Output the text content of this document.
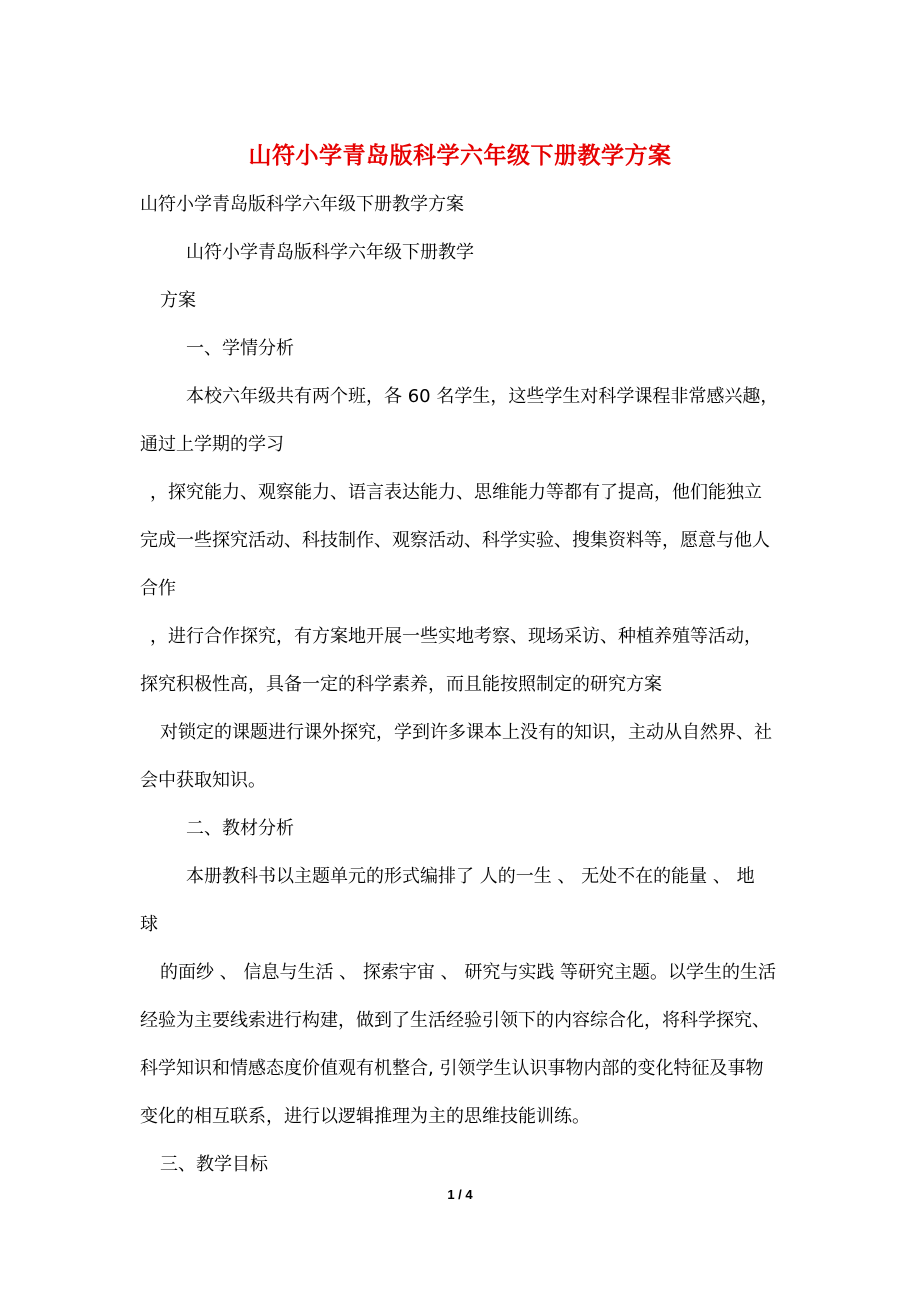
山符小学青岛版科学六年级下册教学方案
山符小学青岛版科学六年级下册教学方案
山符小学青岛版科学六年级下册教学
方案
一、学情分析
本校六年级共有两个班，各 60 名学生，这些学生对科学课程非常感兴趣，
通过上学期的学习
，探究能力、观察能力、语言表达能力、思维能力等都有了提高，他们能独立
完成一些探究活动、科技制作、观察活动、科学实验、搜集资料等，愿意与他人
合作
，进行合作探究，有方案地开展一些实地考察、现场采访、种植养殖等活动，
探究积极性高，具备一定的科学素养，而且能按照制定的研究方案
对锁定的课题进行课外探究，学到许多课本上没有的知识，主动从自然界、社
会中获取知识。
二、教材分析
本册教科书以主题单元的形式编排了 人的一生 、 无处不在的能量 、 地
球
的面纱 、 信息与生活 、 探索宇宙 、 研究与实践 等研究主题。以学生的生活
经验为主要线索进行构建，做到了生活经验引领下的内容综合化，将科学探究、
科学知识和情感态度价值观有机整合, 引领学生认识事物内部的变化特征及事物
变化的相互联系，进行以逻辑推理为主的思维技能训练。
三、教学目标
1 / 4
